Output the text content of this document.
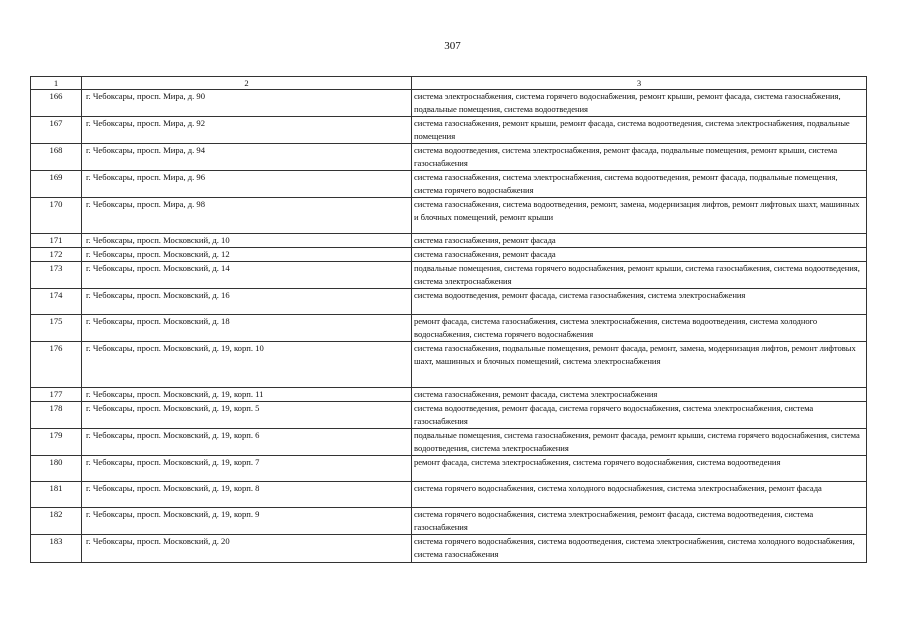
307
1	2	3
166	г. Чебоксары, просп. Мира, д. 90	система электроснабжения, система горячего водоснабжения, ремонт крыши, ремонт фасада, система газоснабжения, подвальные помещения, система водоотведения
167	г. Чебоксары, просп. Мира, д. 92	система газоснабжения, ремонт крыши, ремонт фасада, система водоотведения, система электроснабжения, подвальные помещения
168	г. Чебоксары, просп. Мира, д. 94	система водоотведения, система электроснабжения, ремонт фасада, подвальные помещения, ремонт крыши, система газоснабжения
169	г. Чебоксары, просп. Мира, д. 96	система газоснабжения, система электроснабжения, система водоотведения, ремонт фасада, подвальные помещения, система горячего водоснабжения
170	г. Чебоксары, просп. Мира, д. 98	система газоснабжения, система водоотведения, ремонт, замена, модернизация лифтов, ремонт лифтовых шахт, машинных и блочных помещений, ремонт крыши
171	г. Чебоксары, просп. Московский, д. 10	система газоснабжения, ремонт фасада
172	г. Чебоксары, просп. Московский, д. 12	система газоснабжения, ремонт фасада
173	г. Чебоксары, просп. Московский, д. 14	подвальные помещения, система горячего водоснабжения, ремонт крыши, система газоснабжения, система водоотведения, система электроснабжения
174	г. Чебоксары, просп. Московский, д. 16	система водоотведения, ремонт фасада, система газоснабжения, система электроснабжения
175	г. Чебоксары, просп. Московский, д. 18	ремонт фасада, система газоснабжения, система электроснабжения, система водоотведения, система холодного водоснабжения, система горячего водоснабжения
176	г. Чебоксары, просп. Московский, д. 19, корп. 10	система газоснабжения, подвальные помещения, ремонт фасада, ремонт, замена, модернизация лифтов, ремонт лифтовых шахт, машинных и блочных помещений, система электроснабжения
177	г. Чебоксары, просп. Московский, д. 19, корп. 11	система газоснабжения, ремонт фасада, система электроснабжения
178	г. Чебоксары, просп. Московский, д. 19, корп. 5	система водоотведения, ремонт фасада, система горячего водоснабжения, система электроснабжения, система газоснабжения
179	г. Чебоксары, просп. Московский, д. 19, корп. 6	подвальные помещения, система газоснабжения, ремонт фасада, ремонт крыши, система горячего водоснабжения, система водоотведения, система электроснабжения
180	г. Чебоксары, просп. Московский, д. 19, корп. 7	ремонт фасада, система электроснабжения, система горячего водоснабжения, система водоотведения
181	г. Чебоксары, просп. Московский, д. 19, корп. 8	система горячего водоснабжения, система холодного водоснабжения, система электроснабжения, ремонт фасада
182	г. Чебоксары, просп. Московский, д. 19, корп. 9	система горячего водоснабжения, система электроснабжения, ремонт фасада, система водоотведения, система газоснабжения
183	г. Чебоксары, просп. Московский, д. 20	система горячего водоснабжения, система водоотведения, система электроснабжения, система холодного водоснабжения, система газоснабжения
